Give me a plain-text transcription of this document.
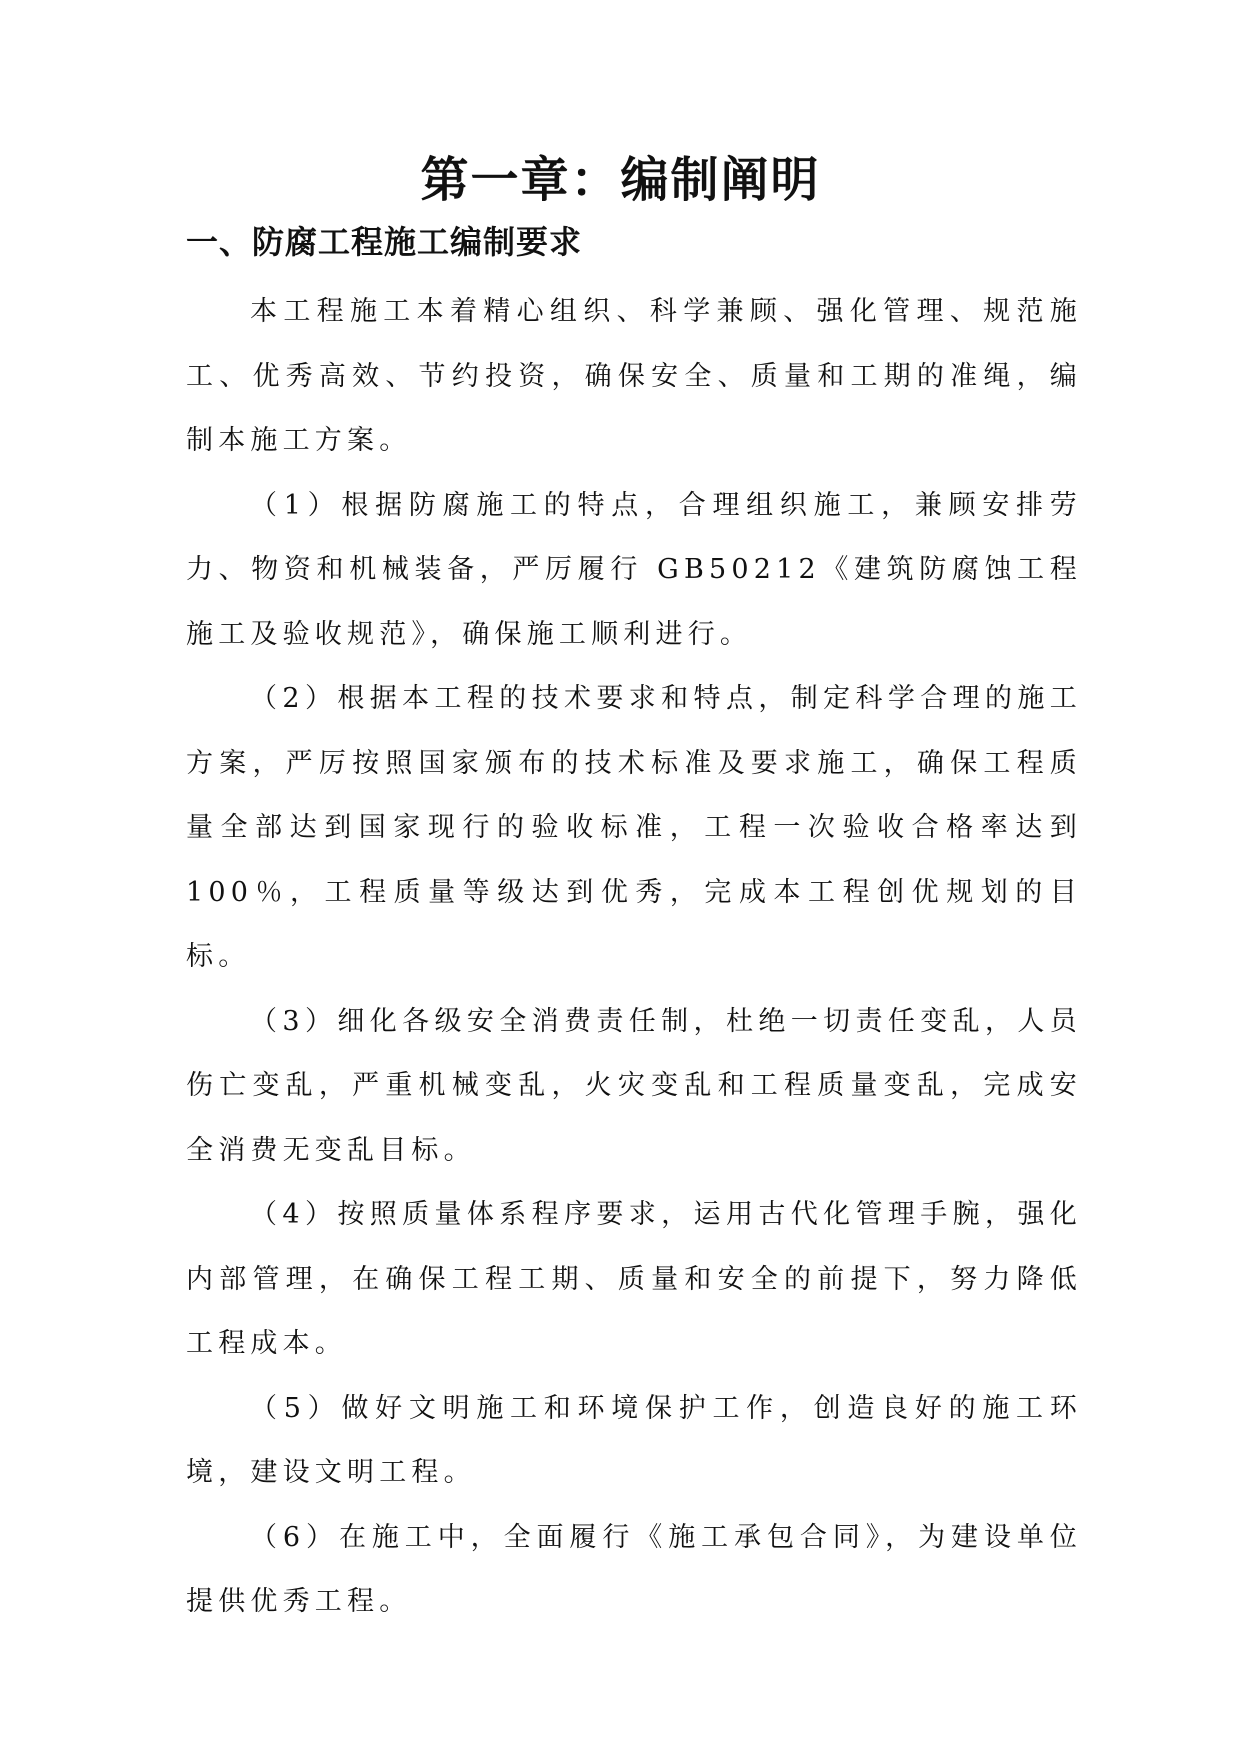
第一章：编制阐明
一、防腐工程施工编制要求

本工程施工本着精心组织、科学兼顾、强化管理、规范施工、优秀高效、节约投资，确保安全、质量和工期的准绳，编制本施工方案。

（1）根据防腐施工的特点，合理组织施工，兼顾安排劳力、物资和机械装备，严厉履行 GB50212《建筑防腐蚀工程施工及验收规范》，确保施工顺利进行。

（2）根据本工程的技术要求和特点，制定科学合理的施工方案，严厉按照国家颁布的技术标准及要求施工，确保工程质量全部达到国家现行的验收标准，工程一次验收合格率达到 100％，工程质量等级达到优秀，完成本工程创优规划的目标。

（3）细化各级安全消费责任制，杜绝一切责任变乱，人员伤亡变乱，严重机械变乱，火灾变乱和工程质量变乱，完成安全消费无变乱目标。

（4）按照质量体系程序要求，运用古代化管理手腕，强化内部管理，在确保工程工期、质量和安全的前提下，努力降低工程成本。

（5）做好文明施工和环境保护工作，创造良好的施工环境，建设文明工程。

（6）在施工中，全面履行《施工承包合同》，为建设单位提供优秀工程。
